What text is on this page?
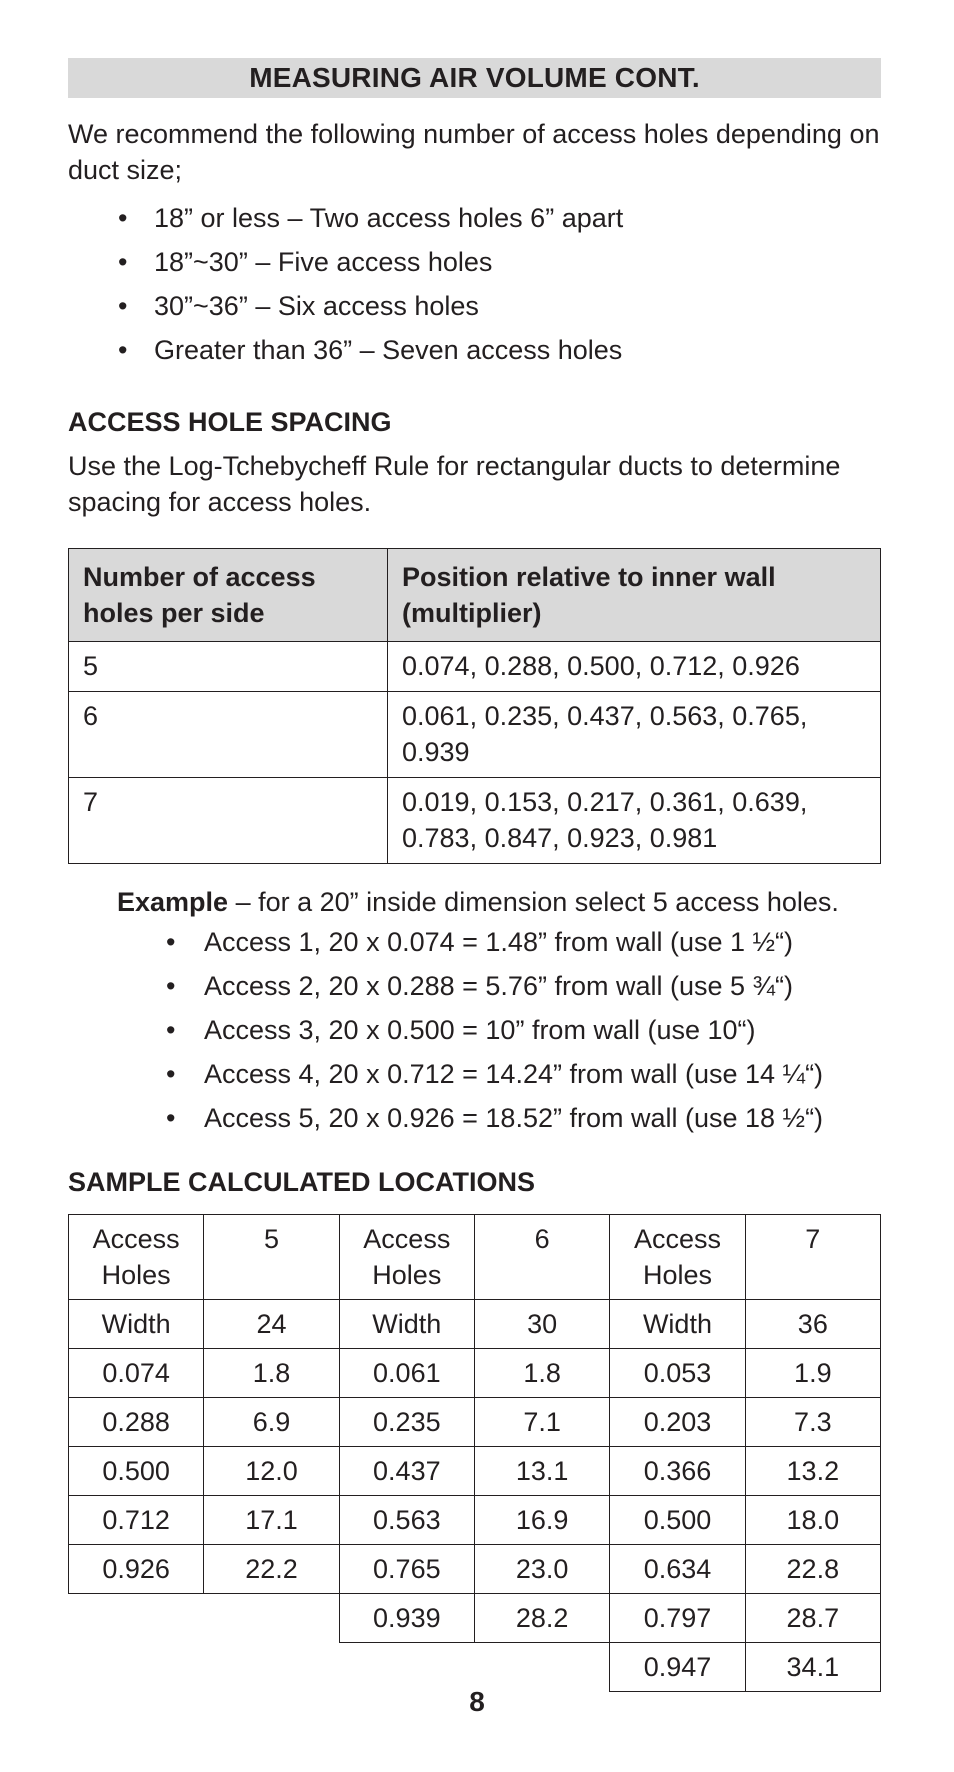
MEASURING AIR VOLUME CONT.
We recommend the following number of access holes depending on duct size;
• 18” or less – Two access holes 6” apart
• 18”~30” – Five access holes
• 30”~36” – Six access holes
• Greater than 36” – Seven access holes
ACCESS HOLE SPACING
Use the Log-Tchebycheff Rule for rectangular ducts to determine spacing for access holes.
Number of access holes per side	Position relative to inner wall (multiplier)
5	0.074, 0.288, 0.500, 0.712, 0.926
6	0.061, 0.235, 0.437, 0.563, 0.765, 0.939
7	0.019, 0.153, 0.217, 0.361, 0.639, 0.783, 0.847, 0.923, 0.981
Example – for a 20” inside dimension select 5 access holes.
• Access 1, 20 x 0.074 = 1.48” from wall (use 1 ½“)
• Access 2, 20 x 0.288 = 5.76” from wall (use 5 ¾“)
• Access 3, 20 x 0.500 = 10” from wall (use 10“)
• Access 4, 20 x 0.712 = 14.24” from wall (use 14 ¼“)
• Access 5, 20 x 0.926 = 18.52” from wall (use 18 ½“)
SAMPLE CALCULATED LOCATIONS
Access Holes	5	Access Holes	6	Access Holes	7
Width	24	Width	30	Width	36
0.074	1.8	0.061	1.8	0.053	1.9
0.288	6.9	0.235	7.1	0.203	7.3
0.500	12.0	0.437	13.1	0.366	13.2
0.712	17.1	0.563	16.9	0.500	18.0
0.926	22.2	0.765	23.0	0.634	22.8
		0.939	28.2	0.797	28.7
				0.947	34.1
8
